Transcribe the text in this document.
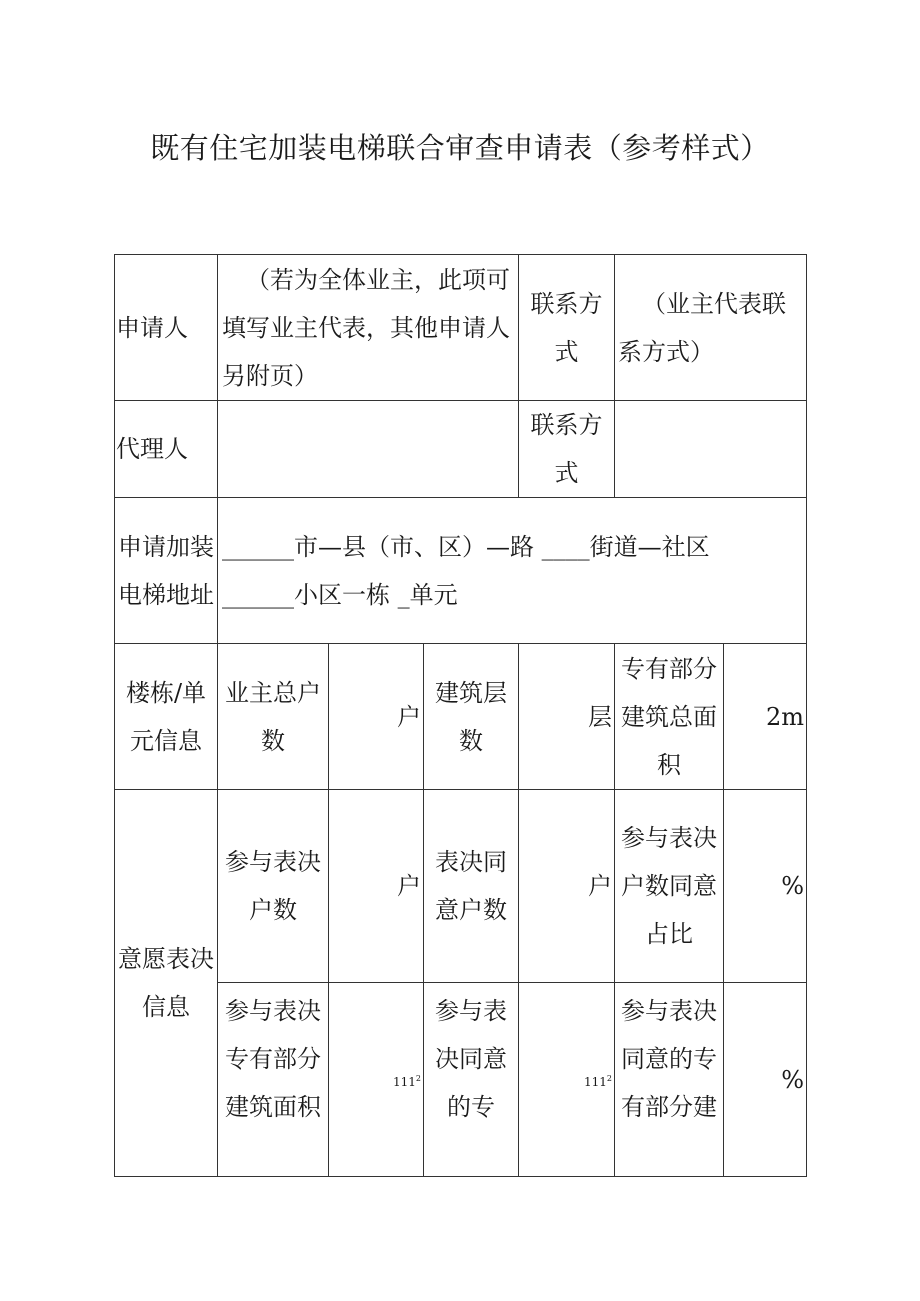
既有住宅加装电梯联合审查申请表（参考样式）
申请人	（若为全体业主，此项可填写业主代表，其他申请人另附页）			联系方式	（业主代表联系方式）	
代理人				联系方式		
申请加装电梯地址	______市—县（市、区）—路 ____街道—社区
______小区一栋 _单元					

楼栋/单元信息	业主总户数	户	建筑层数	层	专有部分建筑总面积	2m
意愿表决信息	参与表决户数	户	表决同意户数	户	参与表决户数同意占比	%
	参与表决专有部分建筑面积	$111^2$	参与表决同意的专	$111^2$	参与表决同意的专有部分建	%
